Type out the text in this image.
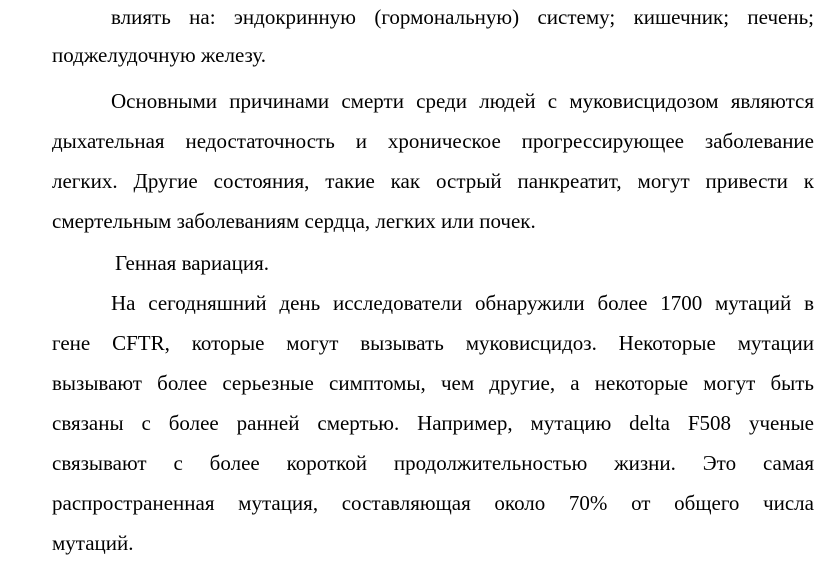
влиять на: эндокринную (гормональную) систему; кишечник; печень;
поджелудочную железу.
Основными причинами смерти среди людей с муковисцидозом являются
дыхательная недостаточность и хроническое прогрессирующее заболевание
легких. Другие состояния, такие как острый панкреатит, могут привести к
смертельным заболеваниям сердца, легких или почек.
Генная вариация.
На сегодняшний день исследователи обнаружили более 1700 мутаций в
гене CFTR, которые могут вызывать муковисцидоз. Некоторые мутации
вызывают более серьезные симптомы, чем другие, а некоторые могут быть
связаны с более ранней смертью. Например, мутацию delta F508 ученые
связывают с более короткой продолжительностью жизни. Это самая
распространенная мутация, составляющая около 70% от общего числа
мутаций.
